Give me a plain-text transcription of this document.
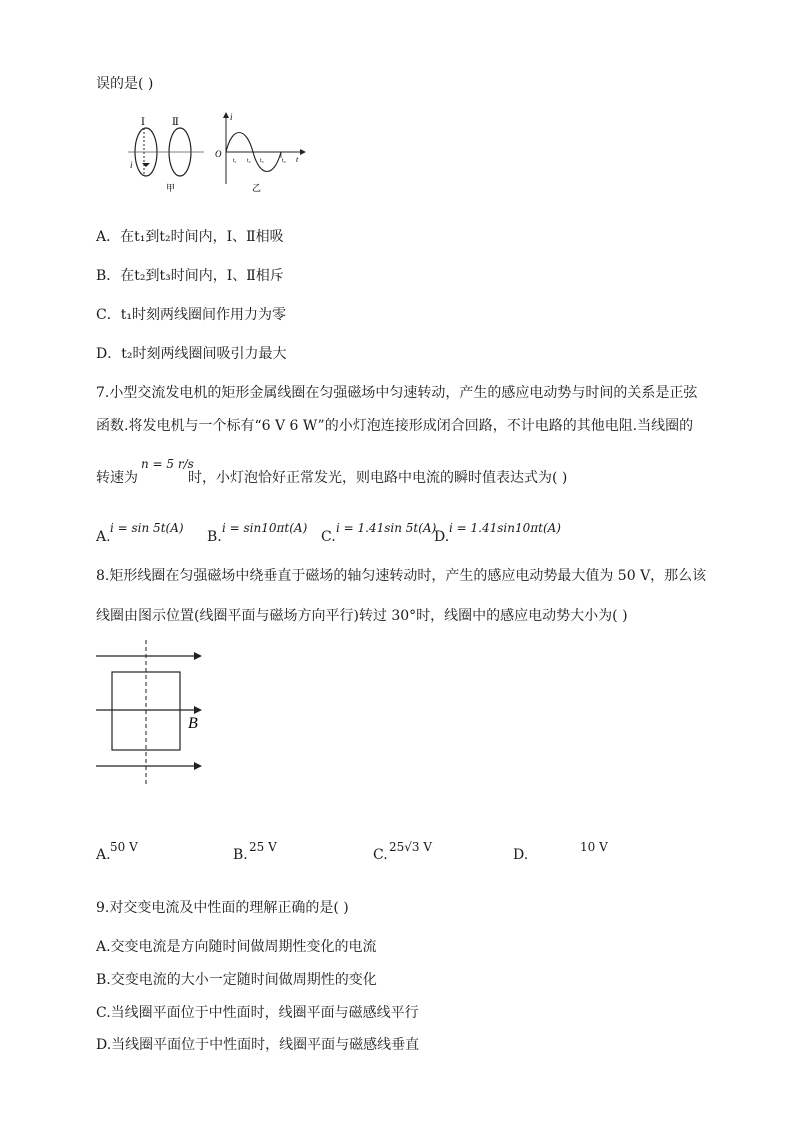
误的是( )
Ⅰ	Ⅱ
i
甲
i
O
t₁ t₂ t₃	t₄ t
乙
A．在t₁到t₂时间内，Ⅰ、Ⅱ相吸
B．在t₂到t₃时间内，Ⅰ、Ⅱ相斥
C．t₁时刻两线圈间作用力为零
D．t₂时刻两线圈间吸引力最大
7.小型交流发电机的矩形金属线圈在匀强磁场中匀速转动，产生的感应电动势与时间的关系是正弦
函数.将发电机与一个标有“6 V 6 W”的小灯泡连接形成闭合回路，不计电路的其他电阻.当线圈的
转速为
n = 5 r/s
时，小灯泡恰好正常发光，则电路中电流的瞬时值表达式为( )
A.
i = sin 5t(A)
B.
i = sin10πt(A)
C.
i = 1.41sin 5t(A)
D.
i = 1.41sin10πt(A)
8.矩形线圈在匀强磁场中绕垂直于磁场的轴匀速转动时，产生的感应电动势最大值为 50 V，那么该
线圈由图示位置(线圈平面与磁场方向平行)转过 30°时，线圈中的感应电动势大小为( )
B
A. 50 V	B. 25 V	C. 25√3 V	D.	10 V
9.对交变电流及中性面的理解正确的是( )
A.交变电流是方向随时间做周期性变化的电流
B.交变电流的大小一定随时间做周期性的变化
C.当线圈平面位于中性面时，线圈平面与磁感线平行
D.当线圈平面位于中性面时，线圈平面与磁感线垂直
